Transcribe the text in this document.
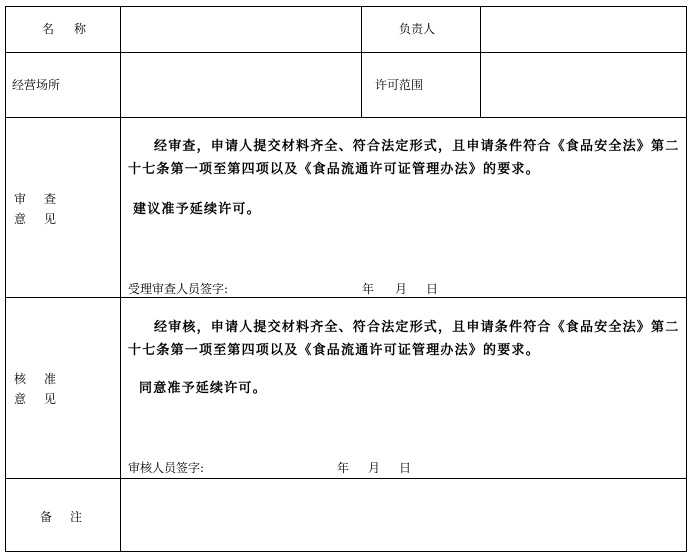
名　称	负责人
经营场所	许可范围
审　查
意　见
经审查，申请人提交材料齐全、符合法定形式，且申请条件符合《食品安全法》第二十七条第一项至第四项以及《食品流通许可证管理办法》的要求。
建议准予延续许可。
受理审查人员签字:	年 月 日
核　准
意　见
经审核，申请人提交材料齐全、符合法定形式，且申请条件符合《食品安全法》第二十七条第一项至第四项以及《食品流通许可证管理办法》的要求。
同意准予延续许可。
审核人员签字:	年 月 日
备　注
